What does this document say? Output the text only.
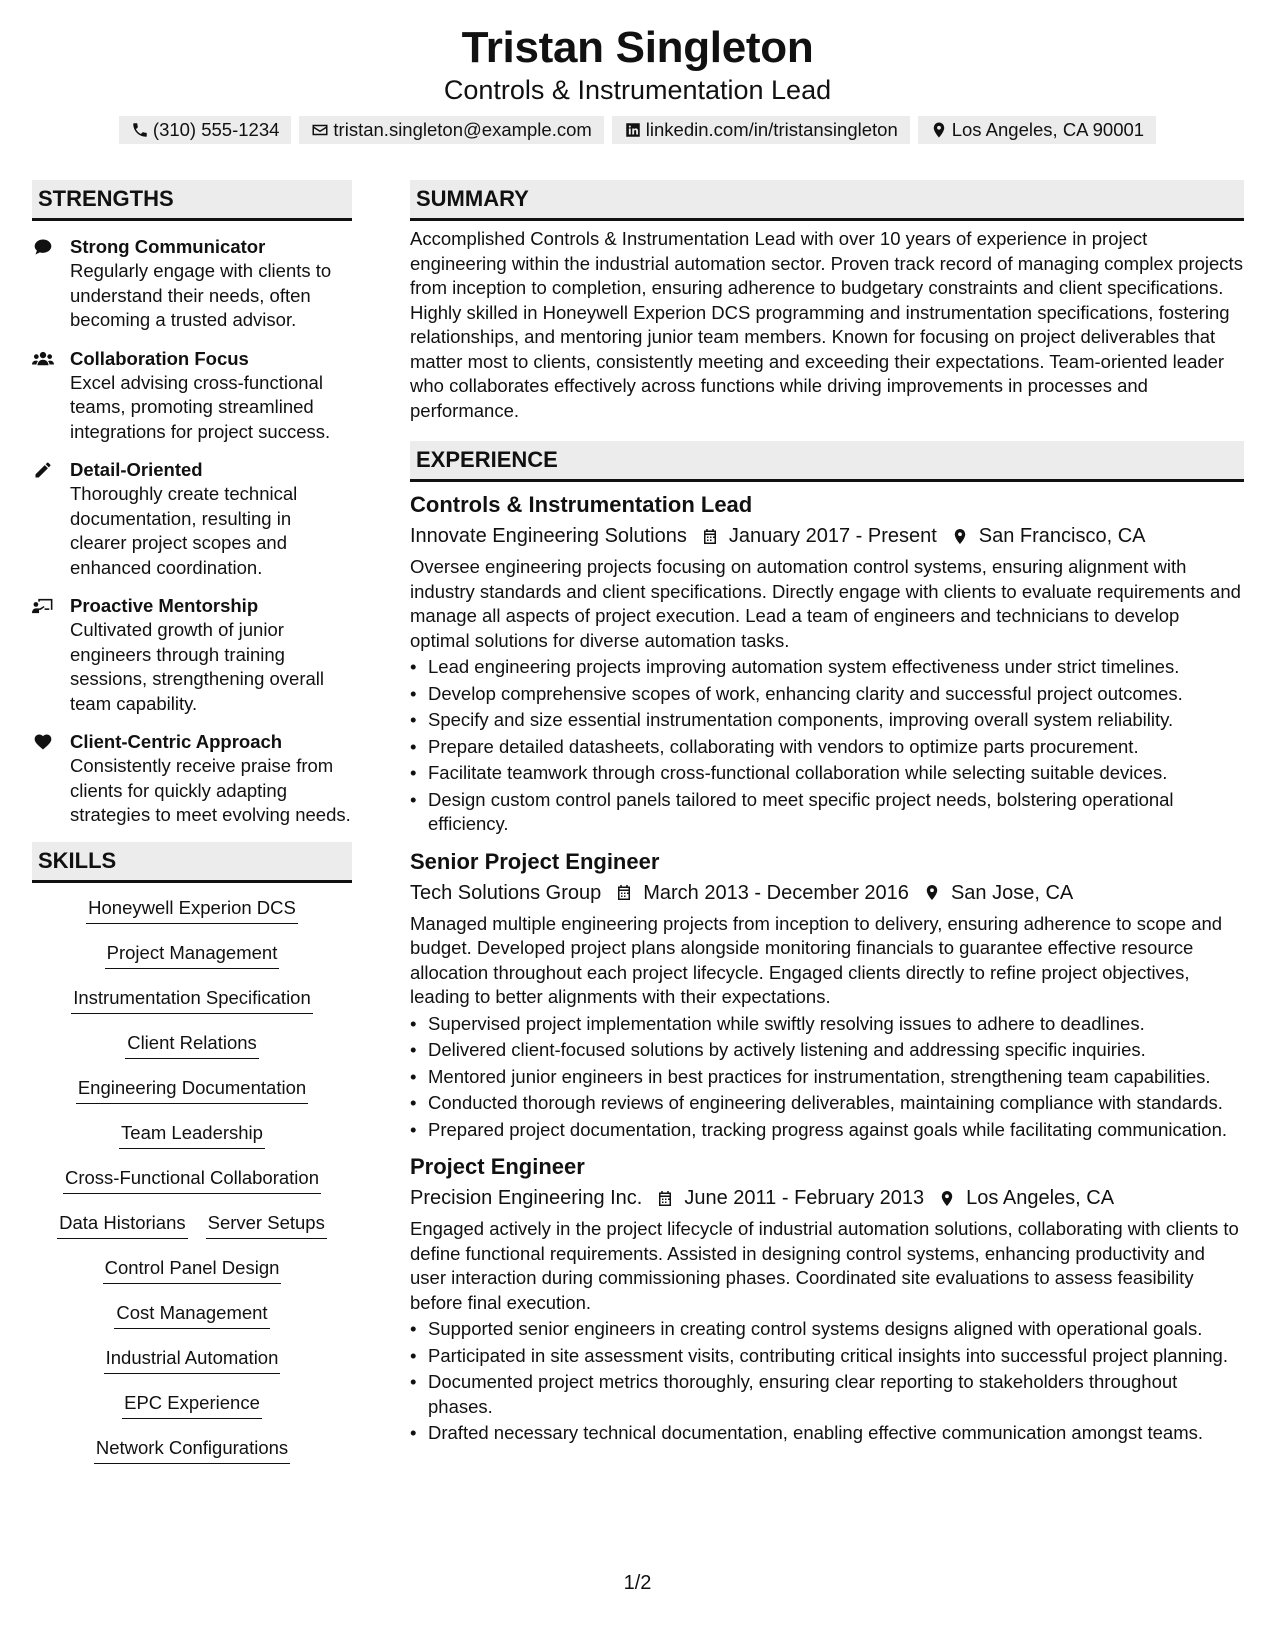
Tristan Singleton
Controls & Instrumentation Lead
(310) 555-1234	tristan.singleton@example.com	linkedin.com/in/tristansingleton	Los Angeles, CA 90001
STRENGTHS
Strong Communicator
Regularly engage with clients to understand their needs, often becoming a trusted advisor.
Collaboration Focus
Excel advising cross-functional teams, promoting streamlined integrations for project success.
Detail-Oriented
Thoroughly create technical documentation, resulting in clearer project scopes and enhanced coordination.
Proactive Mentorship
Cultivated growth of junior engineers through training sessions, strengthening overall team capability.
Client-Centric Approach
Consistently receive praise from clients for quickly adapting strategies to meet evolving needs.
SKILLS
Honeywell Experion DCS
Project Management
Instrumentation Specification
Client Relations
Engineering Documentation
Team Leadership
Cross-Functional Collaboration
Data Historians Server Setups
Control Panel Design
Cost Management
Industrial Automation
EPC Experience
Network Configurations
SUMMARY
Accomplished Controls & Instrumentation Lead with over 10 years of experience in project engineering within the industrial automation sector. Proven track record of managing complex projects from inception to completion, ensuring adherence to budgetary constraints and client specifications. Highly skilled in Honeywell Experion DCS programming and instrumentation specifications, fostering relationships, and mentoring junior team members. Known for focusing on project deliverables that matter most to clients, consistently meeting and exceeding their expectations. Team-oriented leader who collaborates effectively across functions while driving improvements in processes and performance.
EXPERIENCE
Controls & Instrumentation Lead
Innovate Engineering Solutions January 2017 - Present San Francisco, CA
Oversee engineering projects focusing on automation control systems, ensuring alignment with industry standards and client specifications. Directly engage with clients to evaluate requirements and manage all aspects of project execution. Lead a team of engineers and technicians to develop optimal solutions for diverse automation tasks.
• Lead engineering projects improving automation system effectiveness under strict timelines.
• Develop comprehensive scopes of work, enhancing clarity and successful project outcomes.
• Specify and size essential instrumentation components, improving overall system reliability.
• Prepare detailed datasheets, collaborating with vendors to optimize parts procurement.
• Facilitate teamwork through cross-functional collaboration while selecting suitable devices.
• Design custom control panels tailored to meet specific project needs, bolstering operational efficiency.
Senior Project Engineer
Tech Solutions Group March 2013 - December 2016 San Jose, CA
Managed multiple engineering projects from inception to delivery, ensuring adherence to scope and budget. Developed project plans alongside monitoring financials to guarantee effective resource allocation throughout each project lifecycle. Engaged clients directly to refine project objectives, leading to better alignments with their expectations.
• Supervised project implementation while swiftly resolving issues to adhere to deadlines.
• Delivered client-focused solutions by actively listening and addressing specific inquiries.
• Mentored junior engineers in best practices for instrumentation, strengthening team capabilities.
• Conducted thorough reviews of engineering deliverables, maintaining compliance with standards.
• Prepared project documentation, tracking progress against goals while facilitating communication.
Project Engineer
Precision Engineering Inc. June 2011 - February 2013 Los Angeles, CA
Engaged actively in the project lifecycle of industrial automation solutions, collaborating with clients to define functional requirements. Assisted in designing control systems, enhancing productivity and user interaction during commissioning phases. Coordinated site evaluations to assess feasibility before final execution.
• Supported senior engineers in creating control systems designs aligned with operational goals.
• Participated in site assessment visits, contributing critical insights into successful project planning.
• Documented project metrics thoroughly, ensuring clear reporting to stakeholders throughout phases.
• Drafted necessary technical documentation, enabling effective communication amongst teams.
1/2
